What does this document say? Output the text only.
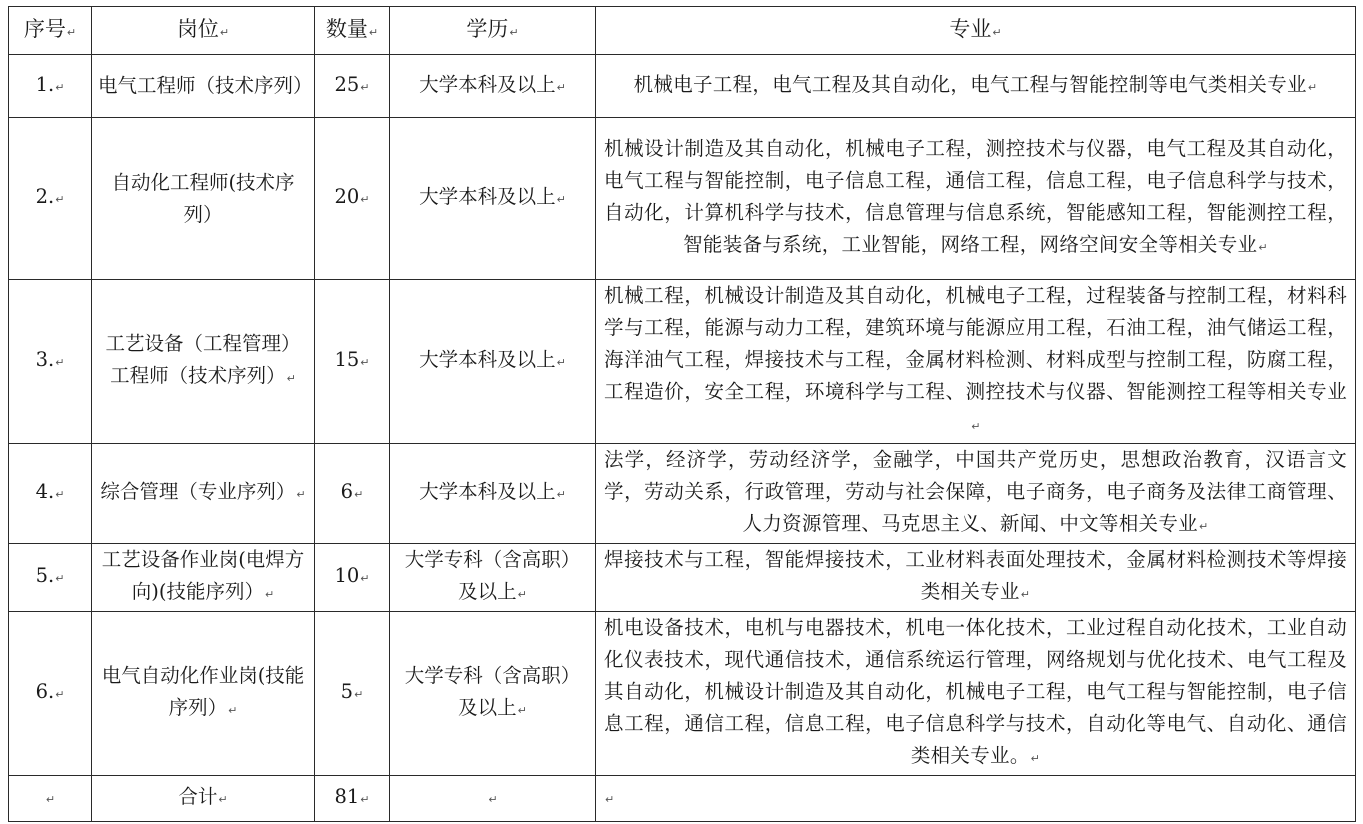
序号↵	岗位↵	数量↵	学历↵	专业↵
1.↵	电气工程师（技术序列）	25↵	大学本科及以上↵	机械电子工程，电气工程及其自动化，电气工程与智能控制等电气类相关专业↵
2.↵	自动化工程师(技术序列）	20↵	大学本科及以上↵	机械设计制造及其自动化，机械电子工程，测控技术与仪器，电气工程及其自动化，电气工程与智能控制，电子信息工程，通信工程，信息工程，电子信息科学与技术，自动化，计算机科学与技术，信息管理与信息系统，智能感知工程，智能测控工程，智能装备与系统，工业智能，网络工程，网络空间安全等相关专业↵
3.↵	工艺设备（工程管理）工程师（技术序列）↵	15↵	大学本科及以上↵	机械工程，机械设计制造及其自动化，机械电子工程，过程装备与控制工程，材料科学与工程，能源与动力工程，建筑环境与能源应用工程，石油工程，油气储运工程，海洋油气工程，焊接技术与工程，金属材料检测、材料成型与控制工程，防腐工程，工程造价，安全工程，环境科学与工程、测控技术与仪器、智能测控工程等相关专业↵
4.↵	综合管理（专业序列）↵	6↵	大学本科及以上↵	法学，经济学，劳动经济学，金融学，中国共产党历史，思想政治教育，汉语言文学，劳动关系，行政管理，劳动与社会保障，电子商务，电子商务及法律工商管理、人力资源管理、马克思主义、新闻、中文等相关专业↵
5.↵	工艺设备作业岗(电焊方向)(技能序列）↵	10↵	大学专科（含高职）及以上↵	焊接技术与工程，智能焊接技术，工业材料表面处理技术，金属材料检测技术等焊接类相关专业↵
6.↵	电气自动化作业岗(技能序列）↵	5↵	大学专科（含高职）及以上↵	机电设备技术，电机与电器技术，机电一体化技术，工业过程自动化技术，工业自动化仪表技术，现代通信技术，通信系统运行管理，网络规划与优化技术、电气工程及其自动化，机械设计制造及其自动化，机械电子工程，电气工程与智能控制，电子信息工程，通信工程，信息工程，电子信息科学与技术，自动化等电气、自动化、通信类相关专业。↵
↵	合计↵	81↵	↵	↵
